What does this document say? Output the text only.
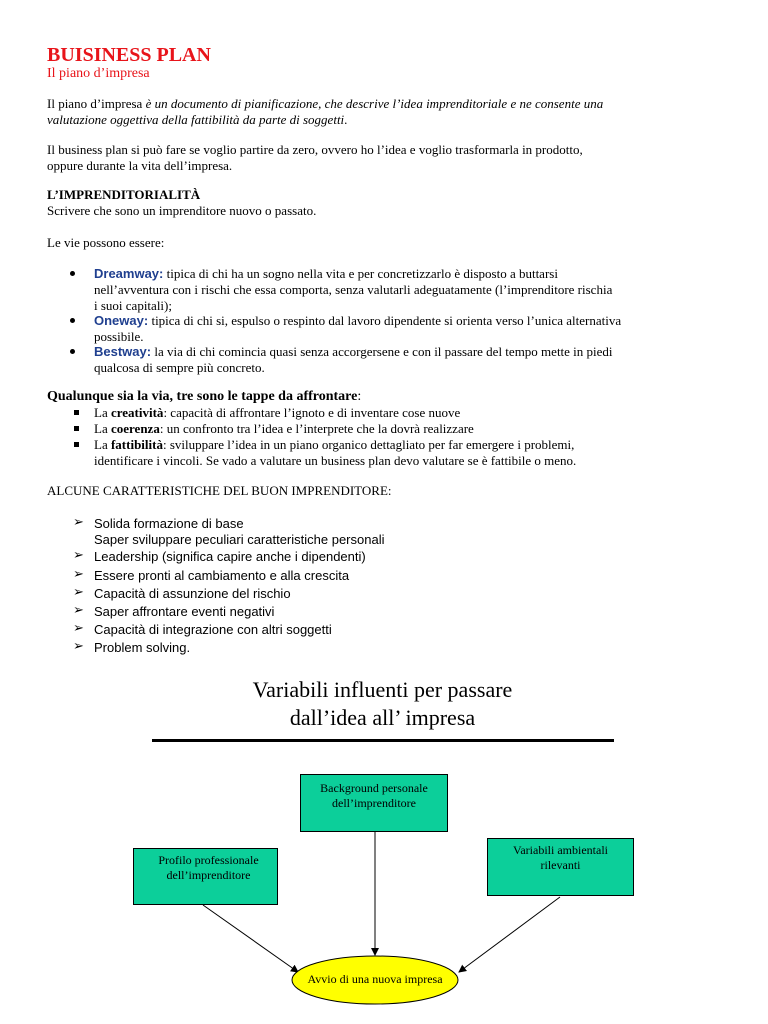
BUISINESS PLAN
Il piano d’impresa
Il piano d’impresa è un documento di pianificazione, che descrive l’idea imprenditoriale e ne consente una
valutazione oggettiva della fattibilità da parte di soggetti.
Il business plan si può fare se voglio partire da zero, ovvero ho l’idea e voglio trasformarla in prodotto,
oppure durante la vita dell’impresa.
L’IMPRENDITORIALITÀ
Scrivere che sono un imprenditore nuovo o passato.
Le vie possono essere:
Dreamway: tipica di chi ha un sogno nella vita e per concretizzarlo è disposto a buttarsi
nell’avventura con i rischi che essa comporta, senza valutarli adeguatamente (l’imprenditore rischia
i suoi capitali);
Oneway: tipica di chi si, espulso o respinto dal lavoro dipendente si orienta verso l’unica alternativa
possibile.
Bestway: la via di chi comincia quasi senza accorgersene e con il passare del tempo mette in piedi
qualcosa di sempre più concreto.
Qualunque sia la via, tre sono le tappe da affrontare:
La creatività: capacità di affrontare l’ignoto e di inventare cose nuove
La coerenza: un confronto tra l’idea e l’interprete che la dovrà realizzare
La fattibilità: sviluppare l’idea in un piano organico dettagliato per far emergere i problemi,
identificare i vincoli. Se vado a valutare un business plan devo valutare se è fattibile o meno.
ALCUNE CARATTERISTICHE DEL BUON IMPRENDITORE:
➢ Solida formazione di base
Saper sviluppare peculiari caratteristiche personali
➢ Leadership (significa capire anche i dipendenti)
➢ Essere pronti al cambiamento e alla crescita
➢ Capacità di assunzione del rischio
➢ Saper affrontare eventi negativi
➢ Capacità di integrazione con altri soggetti
➢ Problem solving.
Variabili influenti per passare
dall’idea all’ impresa
Background personale
dell’imprenditore
Profilo professionale
dell’imprenditore
Variabili ambientali
rilevanti
Avvio di una nuova impresa
